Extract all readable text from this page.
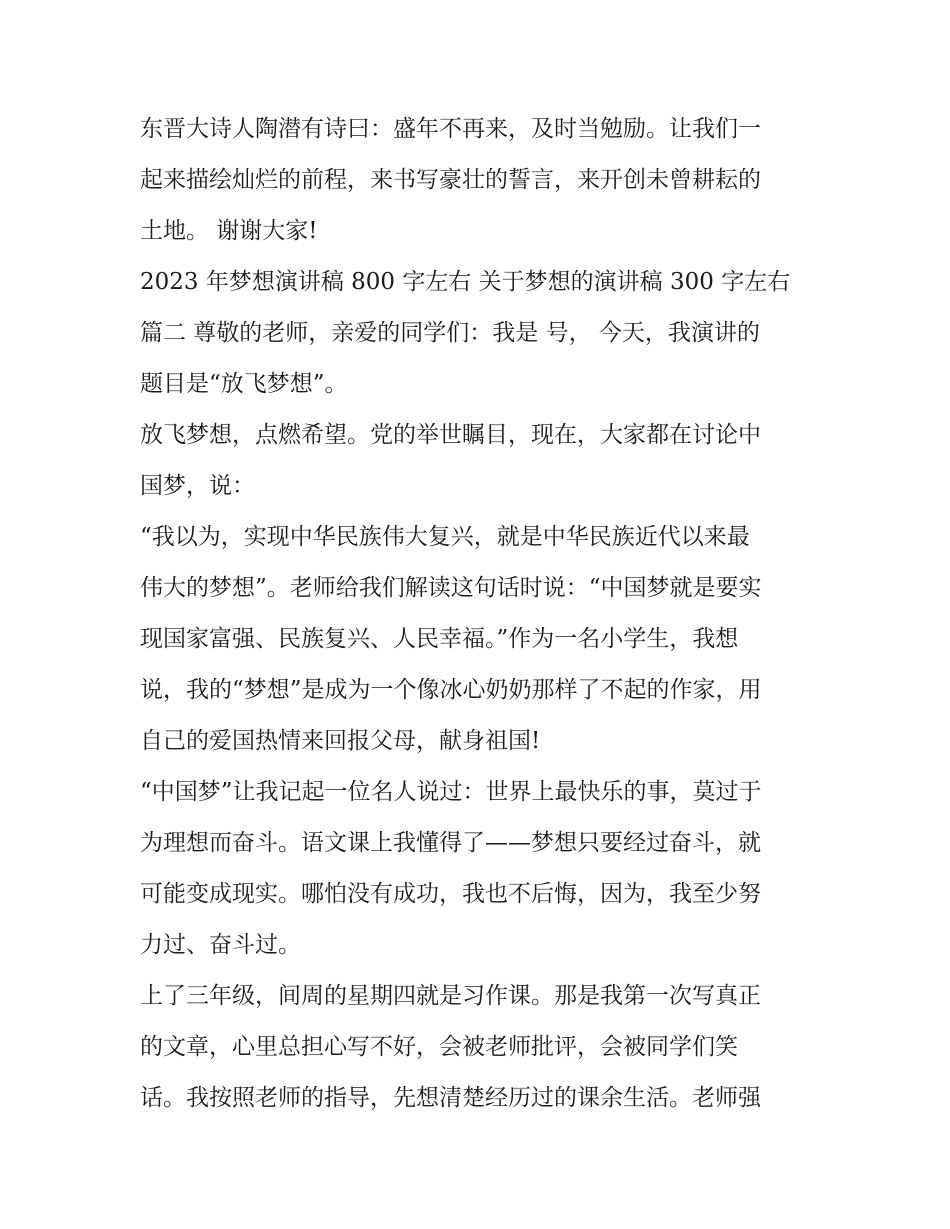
东晋大诗人陶潜有诗曰：盛年不再来，及时当勉励。让我们一
起来描绘灿烂的前程，来书写豪壮的誓言，来开创未曾耕耘的
土地。 谢谢大家!
2023 年梦想演讲稿 800 字左右 关于梦想的演讲稿 300 字左右
篇二 尊敬的老师，亲爱的同学们：我是 号， 今天，我演讲的
题目是“放飞梦想”。
放飞梦想，点燃希望。党的举世瞩目，现在，大家都在讨论中
国梦，说：
“我以为，实现中华民族伟大复兴，就是中华民族近代以来最
伟大的梦想”。老师给我们解读这句话时说：“中国梦就是要实
现国家富强、民族复兴、人民幸福。”作为一名小学生，我想
说，我的“梦想”是成为一个像冰心奶奶那样了不起的作家，用
自己的爱国热情来回报父母，献身祖国!
“中国梦”让我记起一位名人说过：世界上最快乐的事，莫过于
为理想而奋斗。语文课上我懂得了——梦想只要经过奋斗，就
可能变成现实。哪怕没有成功，我也不后悔，因为，我至少努
力过、奋斗过。
上了三年级，间周的星期四就是习作课。那是我第一次写真正
的文章，心里总担心写不好，会被老师批评，会被同学们笑
话。我按照老师的指导，先想清楚经历过的课余生活。老师强
